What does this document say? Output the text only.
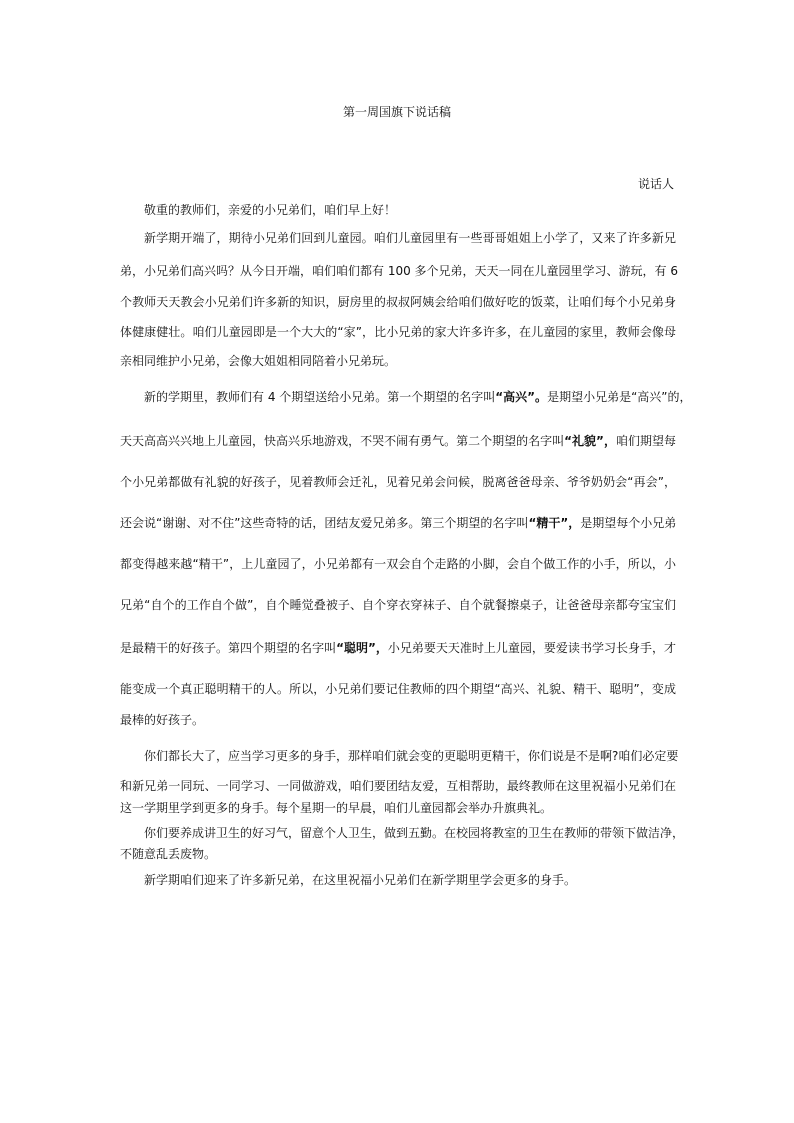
第一周国旗下说话稿
说话人
敬重的教师们，亲爱的小兄弟们，咱们早上好！
新学期开端了，期待小兄弟们回到儿童园。咱们儿童园里有一些哥哥姐姐上小学了，又来了许多新兄
弟，小兄弟们高兴吗？从今日开端，咱们咱们都有 100 多个兄弟，天天一同在儿童园里学习、游玩，有 6
个教师天天教会小兄弟们许多新的知识，厨房里的叔叔阿姨会给咱们做好吃的饭菜，让咱们每个小兄弟身
体健康健壮。咱们儿童园即是一个大大的“家”，比小兄弟的家大许多许多，在儿童园的家里，教师会像母
亲相同维护小兄弟，会像大姐姐相同陪着小兄弟玩。
新的学期里，教师们有 4 个期望送给小兄弟。第一个期望的名字叫“高兴”。是期望小兄弟是“高兴”的，
天天高高兴兴地上儿童园，快高兴乐地游戏，不哭不闹有勇气。第二个期望的名字叫“礼貌”，咱们期望每
个小兄弟都做有礼貌的好孩子，见着教师会迁礼，见着兄弟会问候，脱离爸爸母亲、爷爷奶奶会“再会”，
还会说“谢谢、对不住”这些奇特的话，团结友爱兄弟多。第三个期望的名字叫“精干”，是期望每个小兄弟
都变得越来越“精干”，上儿童园了，小兄弟都有一双会自个走路的小脚，会自个做工作的小手，所以，小
兄弟“自个的工作自个做”，自个睡觉叠被子、自个穿衣穿袜子、自个就餐擦桌子，让爸爸母亲都夸宝宝们
是最精干的好孩子。第四个期望的名字叫“聪明”，小兄弟要天天准时上儿童园，要爱读书学习长身手，才
能变成一个真正聪明精干的人。所以，小兄弟们要记住教师的四个期望“高兴、礼貌、精干、聪明”，变成
最棒的好孩子。
你们都长大了，应当学习更多的身手，那样咱们就会变的更聪明更精干，你们说是不是啊?咱们必定要
和新兄弟一同玩、一同学习、一同做游戏，咱们要团结友爱，互相帮助，最终教师在这里祝福小兄弟们在
这一学期里学到更多的身手。每个星期一的早晨，咱们儿童园都会举办升旗典礼。
你们要养成讲卫生的好习气，留意个人卫生，做到五勤。在校园将教室的卫生在教师的带领下做洁净，
不随意乱丢废物。
新学期咱们迎来了许多新兄弟，在这里祝福小兄弟们在新学期里学会更多的身手。
